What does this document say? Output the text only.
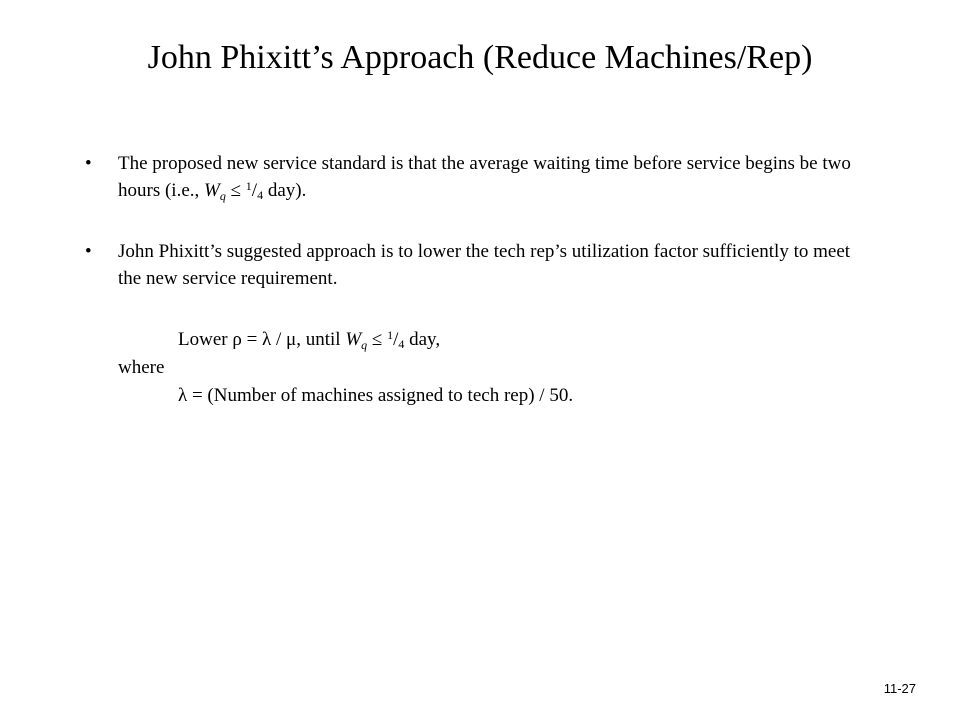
John Phixitt’s Approach (Reduce Machines/Rep)
• The proposed new service standard is that the average waiting time before service begins be two hours (i.e., $W_q \le ^1/_4$ day).
• John Phixitt’s suggested approach is to lower the tech rep’s utilization factor sufficiently to meet the new service requirement.
Lower ρ = λ / μ, until $W_q \le ^1/_4$ day,
where
λ = (Number of machines assigned to tech rep) / 50.
11-27
